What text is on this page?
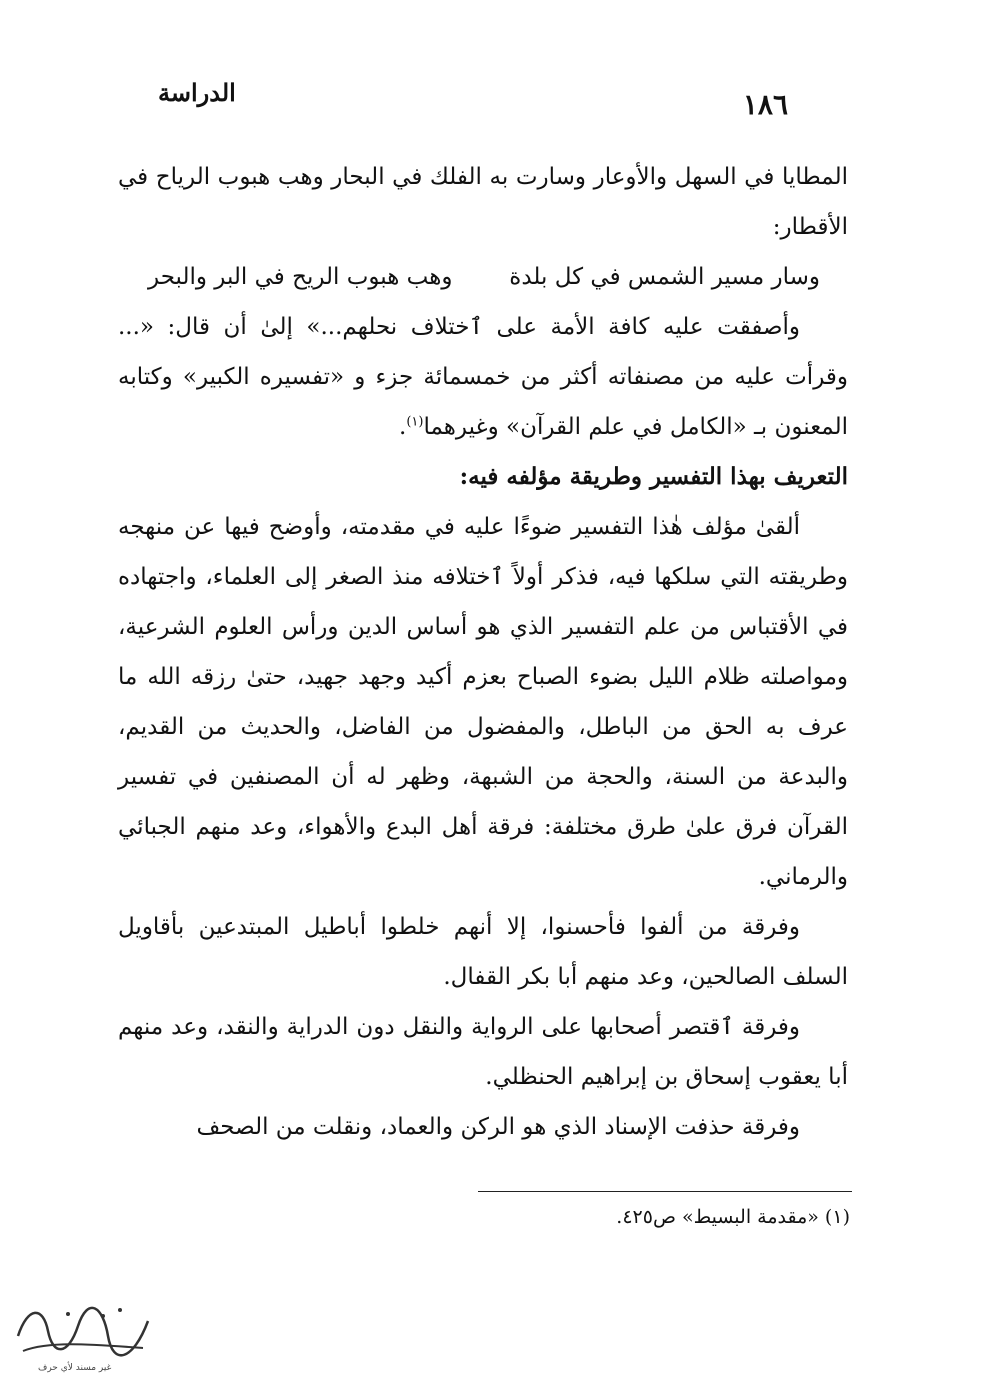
الدراسة	١٨٦

المطايا في السهل والأوعار وسارت به الفلك في البحار وهب هبوب الرياح في الأقطار:

وسار مسير الشمس في كل بلدة
وهب هبوب الريح في البر والبحر

وأصفقت عليه كافة الأمة على ٱختلاف نحلهم...» إلىٰ أن قال: «... وقرأت عليه من مصنفاته أكثر من خمسمائة جزء و «تفسيره الكبير» وكتابه المعنون بـ «الكامل في علم القرآن» وغيرهما$^{(١)}$.

التعريف بهذا التفسير وطريقة مؤلفه فيه:

ألقىٰ مؤلف هٰذا التفسير ضوءًا عليه في مقدمته، وأوضح فيها عن منهجه وطريقته التي سلكها فيه، فذكر أولاً ٱختلافه منذ الصغر إلى العلماء، واجتهاده في الأقتباس من علم التفسير الذي هو أساس الدين ورأس العلوم الشرعية، ومواصلته ظلام الليل بضوء الصباح بعزم أكيد وجهد جهيد، حتىٰ رزقه الله ما عرف به الحق من الباطل، والمفضول من الفاضل، والحديث من القديم، والبدعة من السنة، والحجة من الشبهة، وظهر له أن المصنفين في تفسير القرآن فرق علىٰ طرق مختلفة: فرقة أهل البدع والأهواء، وعد منهم الجبائي والرماني.

وفرقة من ألفوا فأحسنوا، إلا أنهم خلطوا أباطيل المبتدعين بأقاويل السلف الصالحين، وعد منهم أبا بكر القفال.

وفرقة ٱقتصر أصحابها على الرواية والنقل دون الدراية والنقد، وعد منهم أبا يعقوب إسحاق بن إبراهيم الحنظلي.

وفرقة حذفت الإسناد الذي هو الركن والعماد، ونقلت من الصحف

(١) «مقدمة البسيط» ص٤٢٥.
غير مسند لأي حرف
